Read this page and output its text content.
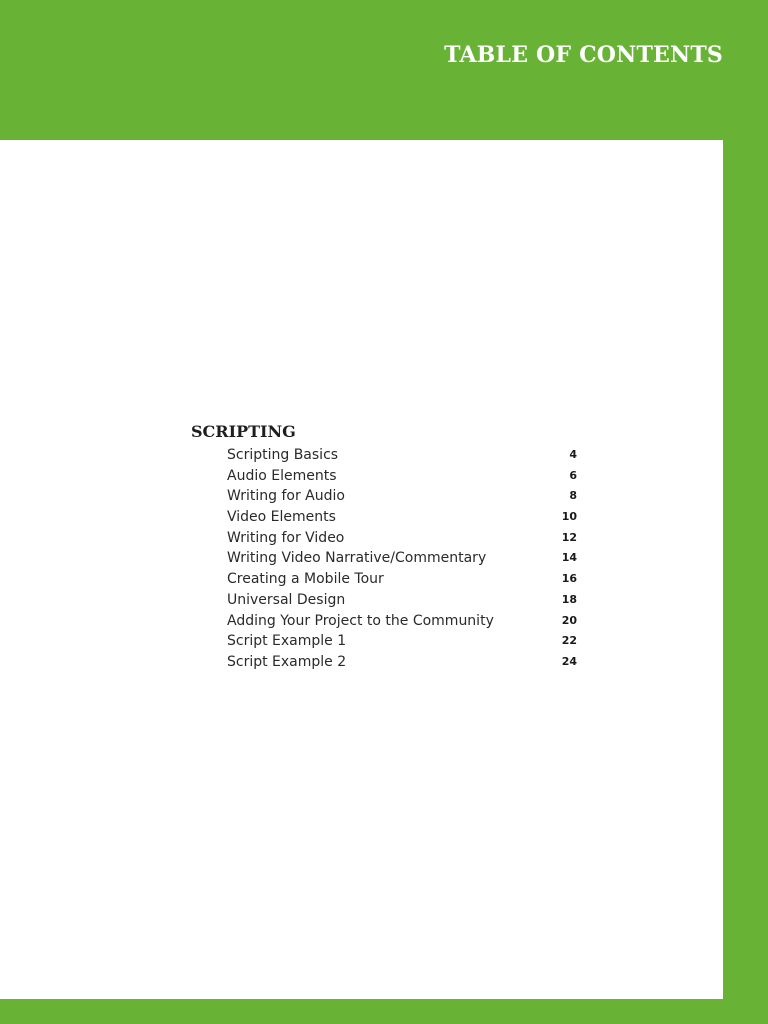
TABLE OF CONTENTS
SCRIPTING
Scripting Basics	4
Audio Elements	6
Writing for Audio	8
Video Elements	10
Writing for Video	12
Writing Video Narrative/Commentary	14
Creating a Mobile Tour	16
Universal Design	18
Adding Your Project to the Community	20
Script Example 1	22
Script Example 2	24
